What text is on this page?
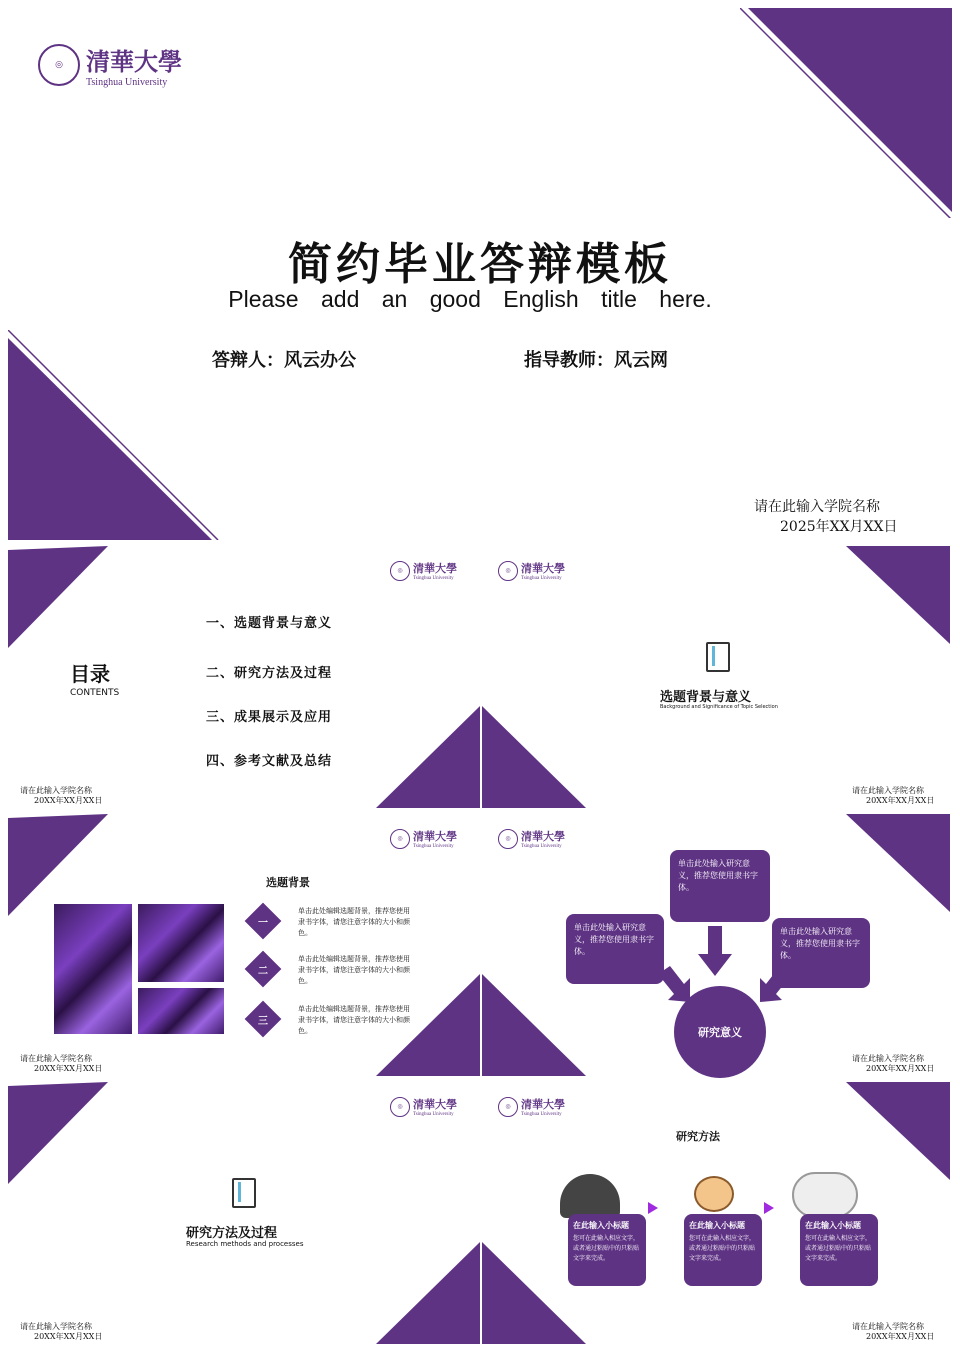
◎ 清華大學
Tsinghua University
简约毕业答辩模板
Please add an good English title here.
答辩人：风云办公	指导教师：风云网
请在此输入学院名称
2025年XX月XX日
◎ 清華大學
Tsinghua University
目录
CONTENTS
一、选题背景与意义
二、研究方法及过程
三、成果展示及应用
四、参考文献及总结
请在此输入学院名称
20XX年XX月XX日
◎ 清華大學
Tsinghua University
选题背景与意义
Background and Significance of Topic Selection
请在此输入学院名称
20XX年XX月XX日
◎ 清華大學
Tsinghua University
选题背景
一
单击此处编辑选题背景，推荐您使用隶书字体，请您注意字体的大小和颜色。
二
单击此处编辑选题背景，推荐您使用隶书字体，请您注意字体的大小和颜色。
三
单击此处编辑选题背景，推荐您使用隶书字体，请您注意字体的大小和颜色。
请在此输入学院名称
20XX年XX月XX日
◎ 清華大學
Tsinghua University
单击此处输入研究意义，推荐您使用隶书字体。
单击此处输入研究意义，推荐您使用隶书字体。
单击此处输入研究意义，推荐您使用隶书字体。
研究意义
请在此输入学院名称
20XX年XX月XX日
◎ 清華大學
Tsinghua University
研究方法及过程
Research methods and processes
请在此输入学院名称
20XX年XX月XX日
◎ 清華大學
Tsinghua University
研究方法
在此输入小标题
您可在此输入相应文字，或者通过粘贴中的只粘贴文字来完成。
在此输入小标题
您可在此输入相应文字，或者通过粘贴中的只粘贴文字来完成。
在此输入小标题
您可在此输入相应文字，或者通过粘贴中的只粘贴文字来完成。
请在此输入学院名称
20XX年XX月XX日
